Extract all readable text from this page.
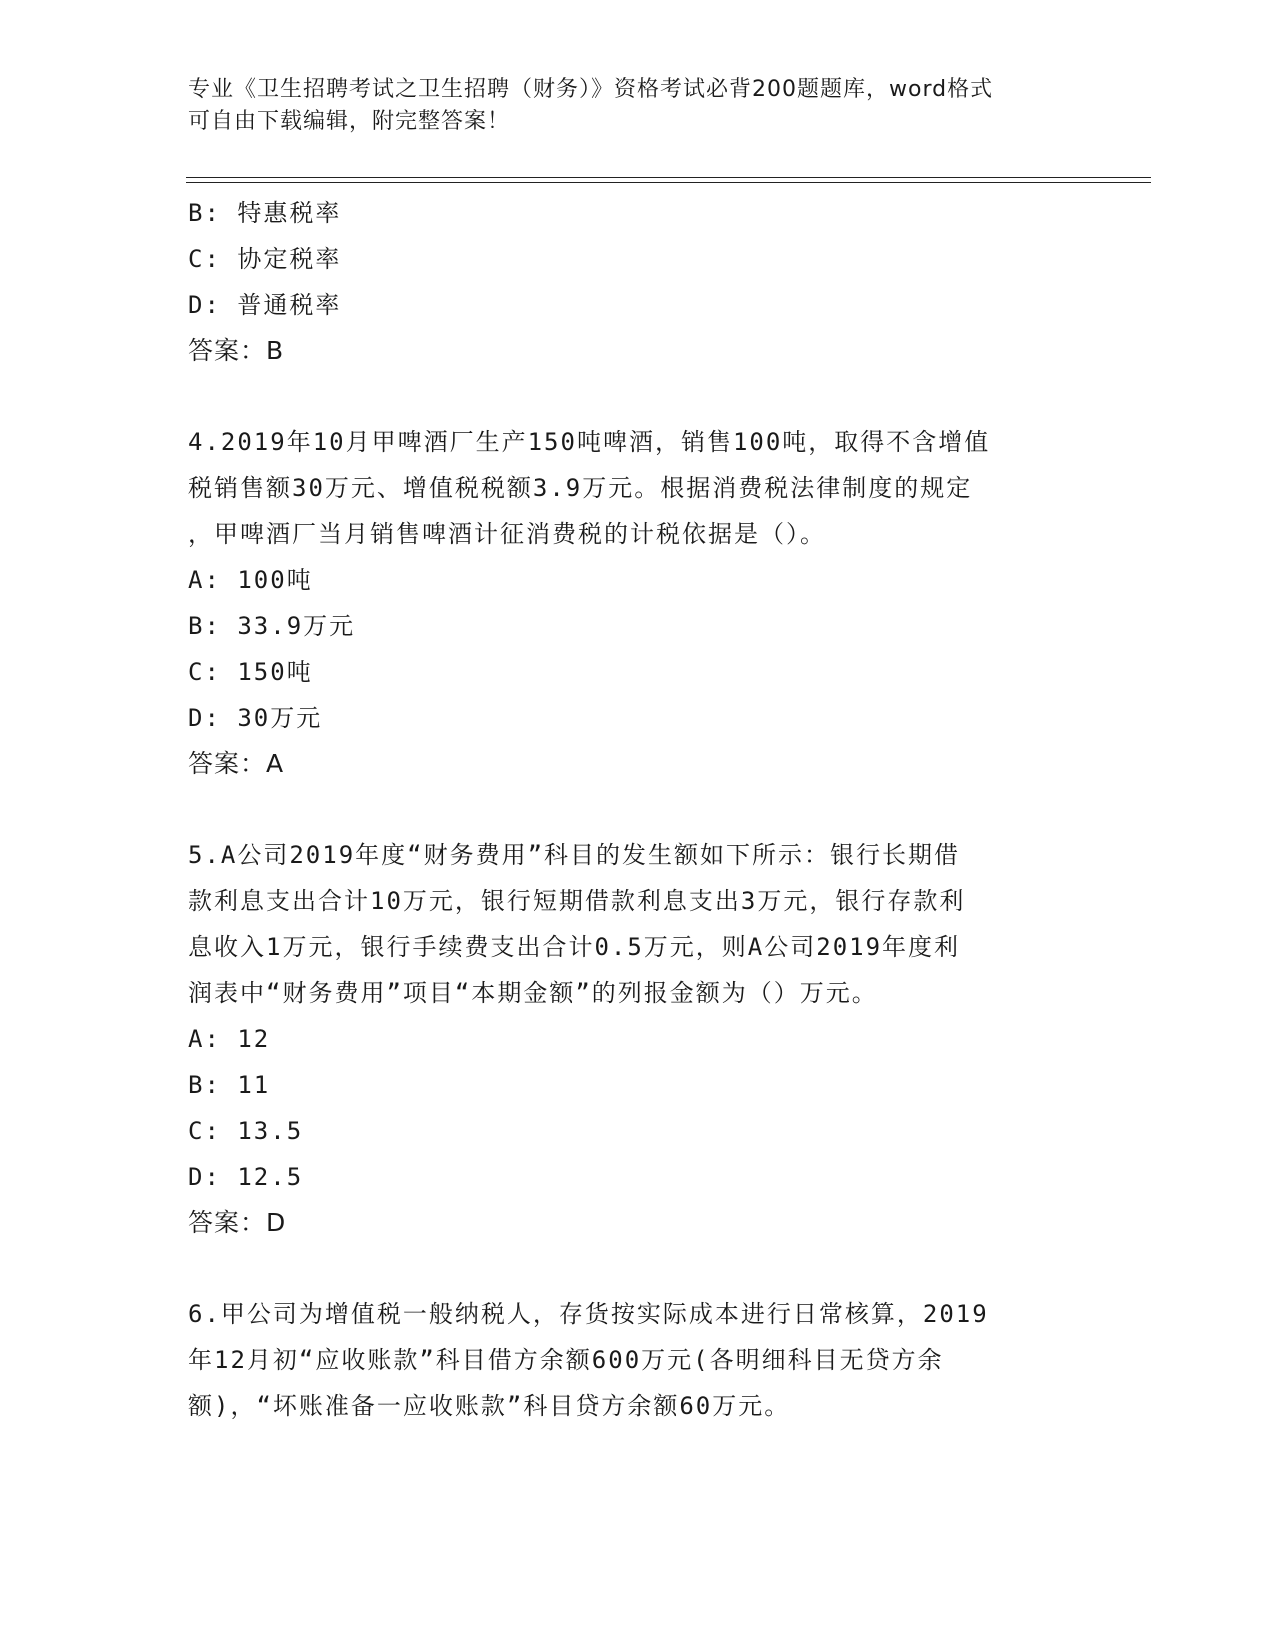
专业《卫生招聘考试之卫生招聘（财务）》资格考试必背200题题库，word格式
可自由下载编辑，附完整答案！
B: 特惠税率
C: 协定税率
D: 普通税率
答案：B
4.2019年10月甲啤酒厂生产150吨啤酒，销售100吨，取得不含增值
税销售额30万元、增值税税额3.9万元。根据消费税法律制度的规定
，甲啤酒厂当月销售啤酒计征消费税的计税依据是（）。
A: 100吨
B: 33.9万元
C: 150吨
D: 30万元
答案：A
5.A公司2019年度“财务费用”科目的发生额如下所示：银行长期借
款利息支出合计10万元，银行短期借款利息支出3万元，银行存款利
息收入1万元，银行手续费支出合计0.5万元，则A公司2019年度利
润表中“财务费用”项目“本期金额”的列报金额为（）万元。
A: 12
B: 11
C: 13.5
D: 12.5
答案：D
6.甲公司为增值税一般纳税人，存货按实际成本进行日常核算，2019
年12月初“应收账款”科目借方余额600万元(各明细科目无贷方余
额)，“坏账准备一应收账款”科目贷方余额60万元。
